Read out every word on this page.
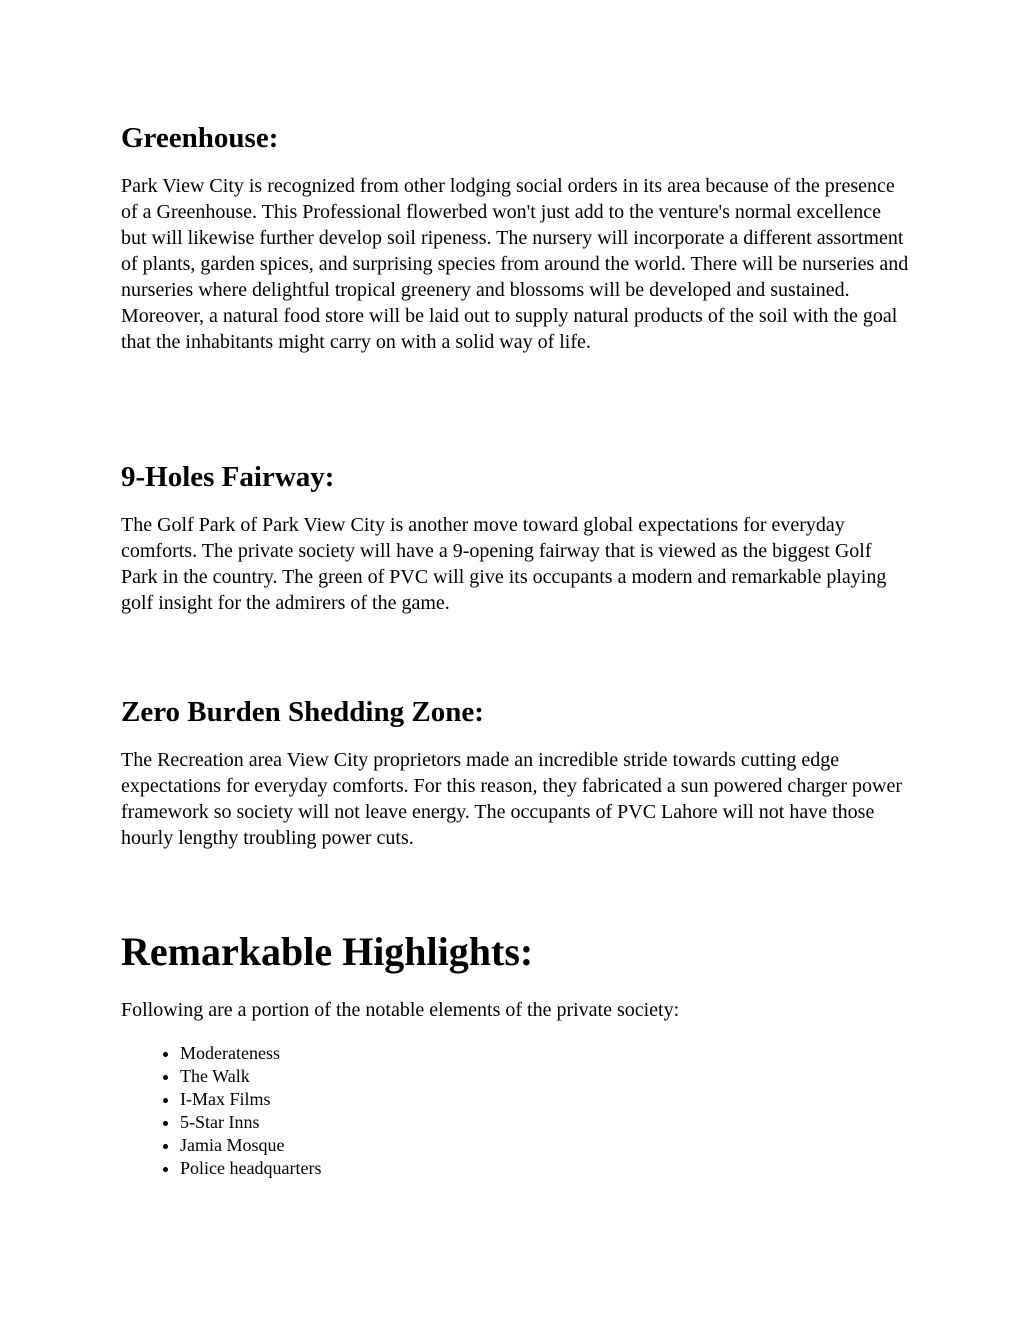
Greenhouse:

Park View City is recognized from other lodging social orders in its area because of the presence of a Greenhouse. This Professional flowerbed won't just add to the venture's normal excellence but will likewise further develop soil ripeness. The nursery will incorporate a different assortment of plants, garden spices, and surprising species from around the world. There will be nurseries and nurseries where delightful tropical greenery and blossoms will be developed and sustained. Moreover, a natural food store will be laid out to supply natural products of the soil with the goal that the inhabitants might carry on with a solid way of life.

9-Holes Fairway:

The Golf Park of Park View City is another move toward global expectations for everyday comforts. The private society will have a 9-opening fairway that is viewed as the biggest Golf Park in the country. The green of PVC will give its occupants a modern and remarkable playing golf insight for the admirers of the game.

Zero Burden Shedding Zone:

The Recreation area View City proprietors made an incredible stride towards cutting edge expectations for everyday comforts. For this reason, they fabricated a sun powered charger power framework so society will not leave energy. The occupants of PVC Lahore will not have those hourly lengthy troubling power cuts.

Remarkable Highlights:

Following are a portion of the notable elements of the private society:

• Moderateness
• The Walk
• I-Max Films
• 5-Star Inns
• Jamia Mosque
• Police headquarters
